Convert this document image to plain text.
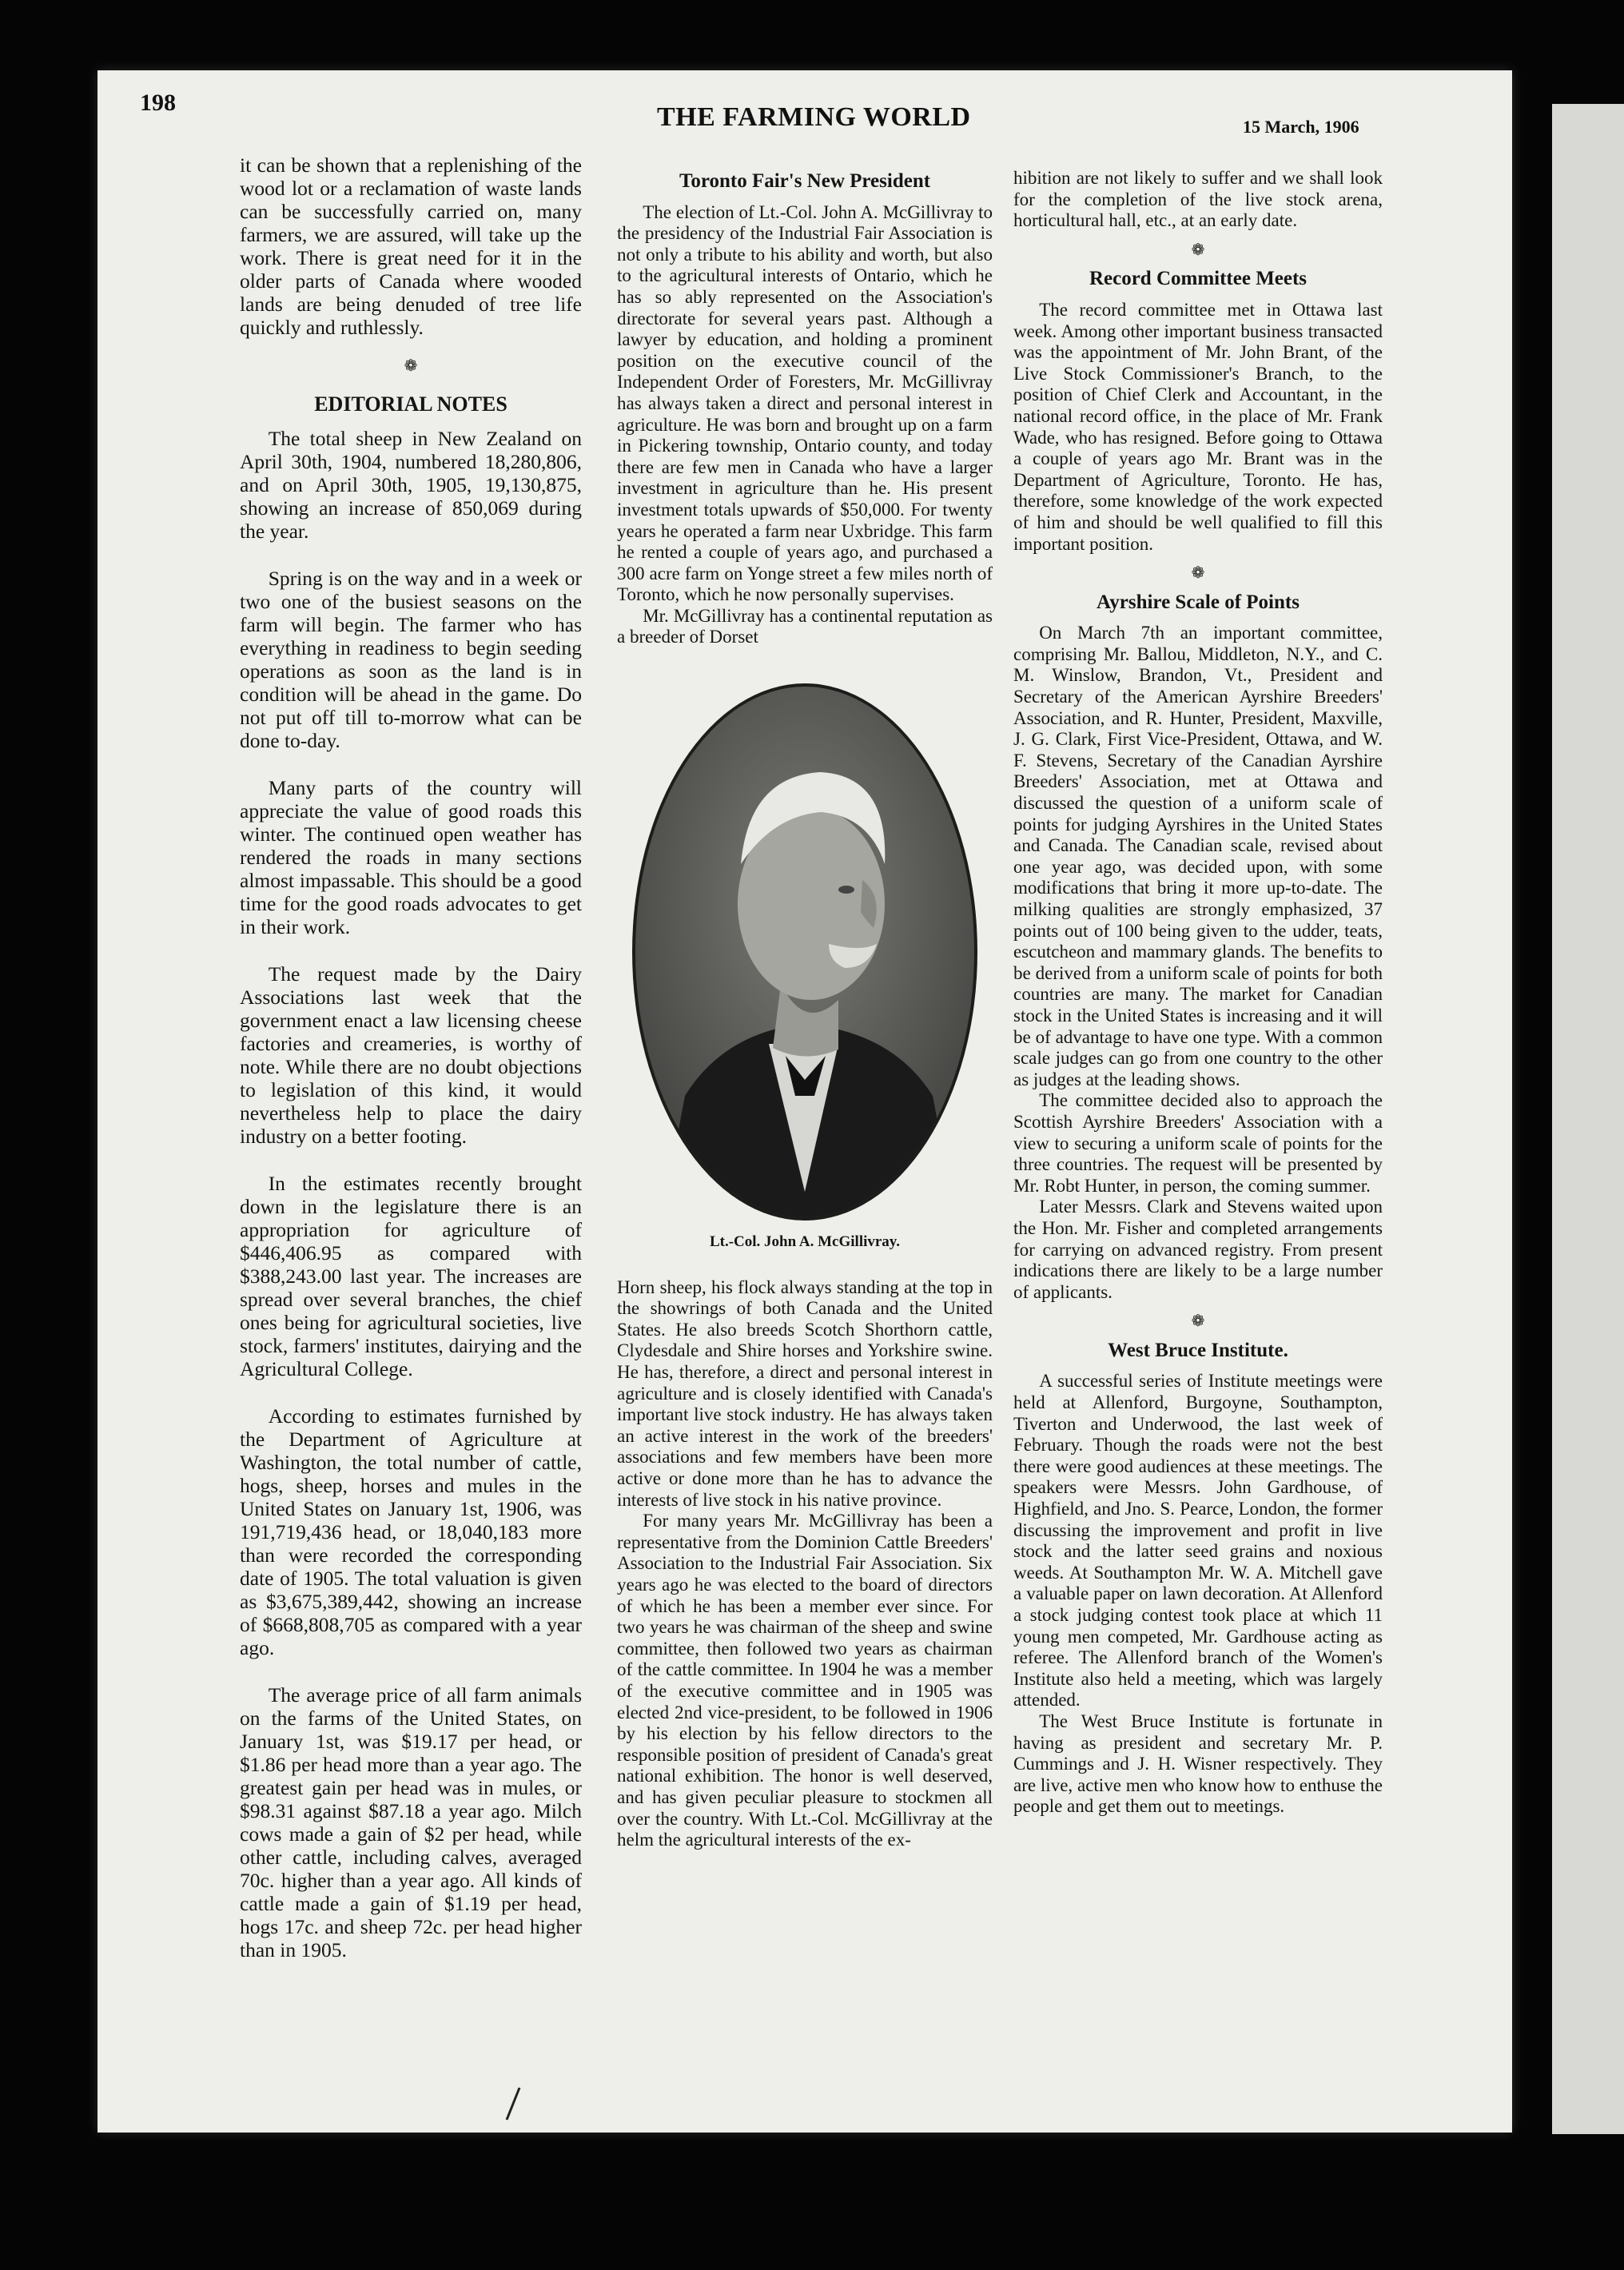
198	THE FARMING WORLD	15 March, 1906

it can be shown that a replenishing of the wood lot or a reclamation of waste lands can be successfully carried on, many farmers, we are assured, will take up the work. There is great need for it in the older parts of Canada where wooded lands are being denuded of tree life quickly and ruthlessly.

❁
EDITORIAL NOTES

The total sheep in New Zealand on April 30th, 1904, numbered 18,280,806, and on April 30th, 1905, 19,130,875, showing an increase of 850,069 during the year.

Spring is on the way and in a week or two one of the busiest seasons on the farm will begin. The farmer who has everything in readiness to begin seeding operations as soon as the land is in condition will be ahead in the game. Do not put off till to-morrow what can be done to-day.

Many parts of the country will appreciate the value of good roads this winter. The continued open weather has rendered the roads in many sections almost impassable. This should be a good time for the good roads advocates to get in their work.

The request made by the Dairy Associations last week that the government enact a law licensing cheese factories and creameries, is worthy of note. While there are no doubt objections to legislation of this kind, it would nevertheless help to place the dairy industry on a better footing.

In the estimates recently brought down in the legislature there is an appropriation for agriculture of $446,406.95 as compared with $388,243.00 last year. The increases are spread over several branches, the chief ones being for agricultural societies, live stock, farmers' institutes, dairying and the Agricultural College.

According to estimates furnished by the Department of Agriculture at Washington, the total number of cattle, hogs, sheep, horses and mules in the United States on January 1st, 1906, was 191,719,436 head, or 18,040,183 more than were recorded the corresponding date of 1905. The total valuation is given as $3,675,389,442, showing an increase of $668,808,705 as compared with a year ago.

The average price of all farm animals on the farms of the United States, on January 1st, was $19.17 per head, or $1.86 per head more than a year ago. The greatest gain per head was in mules, or $98.31 against $87.18 a year ago. Milch cows made a gain of $2 per head, while other cattle, including calves, averaged 70c. higher than a year ago. All kinds of cattle made a gain of $1.19 per head, hogs 17c. and sheep 72c. per head higher than in 1905.

Toronto Fair's New President

The election of Lt.-Col. John A. McGillivray to the presidency of the Industrial Fair Association is not only a tribute to his ability and worth, but also to the agricultural interests of Ontario, which he has so ably represented on the Association's directorate for several years past. Although a lawyer by education, and holding a prominent position on the executive council of the Independent Order of Foresters, Mr. McGillivray has always taken a direct and personal interest in agriculture. He was born and brought up on a farm in Pickering township, Ontario county, and today there are few men in Canada who have a larger investment in agriculture than he. His present investment totals upwards of $50,000. For twenty years he operated a farm near Uxbridge. This farm he rented a couple of years ago, and purchased a 300 acre farm on Yonge street a few miles north of Toronto, which he now personally supervises.

Mr. McGillivray has a continental reputation as a breeder of Dorset

Lt.-Col. John A. McGillivray.

Horn sheep, his flock always standing at the top in the showrings of both Canada and the United States. He also breeds Scotch Shorthorn cattle, Clydesdale and Shire horses and Yorkshire swine. He has, therefore, a direct and personal interest in agriculture and is closely identified with Canada's important live stock industry. He has always taken an active interest in the work of the breeders' associations and few members have been more active or done more than he has to advance the interests of live stock in his native province.

For many years Mr. McGillivray has been a representative from the Dominion Cattle Breeders' Association to the Industrial Fair Association. Six years ago he was elected to the board of directors of which he has been a member ever since. For two years he was chairman of the sheep and swine committee, then followed two years as chairman of the cattle committee. In 1904 he was a member of the executive committee and in 1905 was elected 2nd vice-president, to be followed in 1906 by his election by his fellow directors to the responsible position of president of Canada's great national exhibition. The honor is well deserved, and has given peculiar pleasure to stockmen all over the country. With Lt.-Col. McGillivray at the helm the agricultural interests of the ex-

hibition are not likely to suffer and we shall look for the completion of the live stock arena, horticultural hall, etc., at an early date.

❁
Record Committee Meets

The record committee met in Ottawa last week. Among other important business transacted was the appointment of Mr. John Brant, of the Live Stock Commissioner's Branch, to the position of Chief Clerk and Accountant, in the national record office, in the place of Mr. Frank Wade, who has resigned. Before going to Ottawa a couple of years ago Mr. Brant was in the Department of Agriculture, Toronto. He has, therefore, some knowledge of the work expected of him and should be well qualified to fill this important position.

❁
Ayrshire Scale of Points

On March 7th an important committee, comprising Mr. Ballou, Middleton, N.Y., and C. M. Winslow, Brandon, Vt., President and Secretary of the American Ayrshire Breeders' Association, and R. Hunter, President, Maxville, J. G. Clark, First Vice-President, Ottawa, and W. F. Stevens, Secretary of the Canadian Ayrshire Breeders' Association, met at Ottawa and discussed the question of a uniform scale of points for judging Ayrshires in the United States and Canada. The Canadian scale, revised about one year ago, was decided upon, with some modifications that bring it more up-to-date. The milking qualities are strongly emphasized, 37 points out of 100 being given to the udder, teats, escutcheon and mammary glands. The benefits to be derived from a uniform scale of points for both countries are many. The market for Canadian stock in the United States is increasing and it will be of advantage to have one type. With a common scale judges can go from one country to the other as judges at the leading shows.

The committee decided also to approach the Scottish Ayrshire Breeders' Association with a view to securing a uniform scale of points for the three countries. The request will be presented by Mr. Robt Hunter, in person, the coming summer.

Later Messrs. Clark and Stevens waited upon the Hon. Mr. Fisher and completed arrangements for carrying on advanced registry. From present indications there are likely to be a large number of applicants.

❁
West Bruce Institute.

A successful series of Institute meetings were held at Allenford, Burgoyne, Southampton, Tiverton and Underwood, the last week of February. Though the roads were not the best there were good audiences at these meetings. The speakers were Messrs. John Gardhouse, of Highfield, and Jno. S. Pearce, London, the former discussing the improvement and profit in live stock and the latter seed grains and noxious weeds. At Southampton Mr. W. A. Mitchell gave a valuable paper on lawn decoration. At Allenford a stock judging contest took place at which 11 young men competed, Mr. Gardhouse acting as referee. The Allenford branch of the Women's Institute also held a meeting, which was largely attended.

The West Bruce Institute is fortunate in having as president and secretary Mr. P. Cummings and J. H. Wisner respectively. They are live, active men who know how to enthuse the people and get them out to meetings.
